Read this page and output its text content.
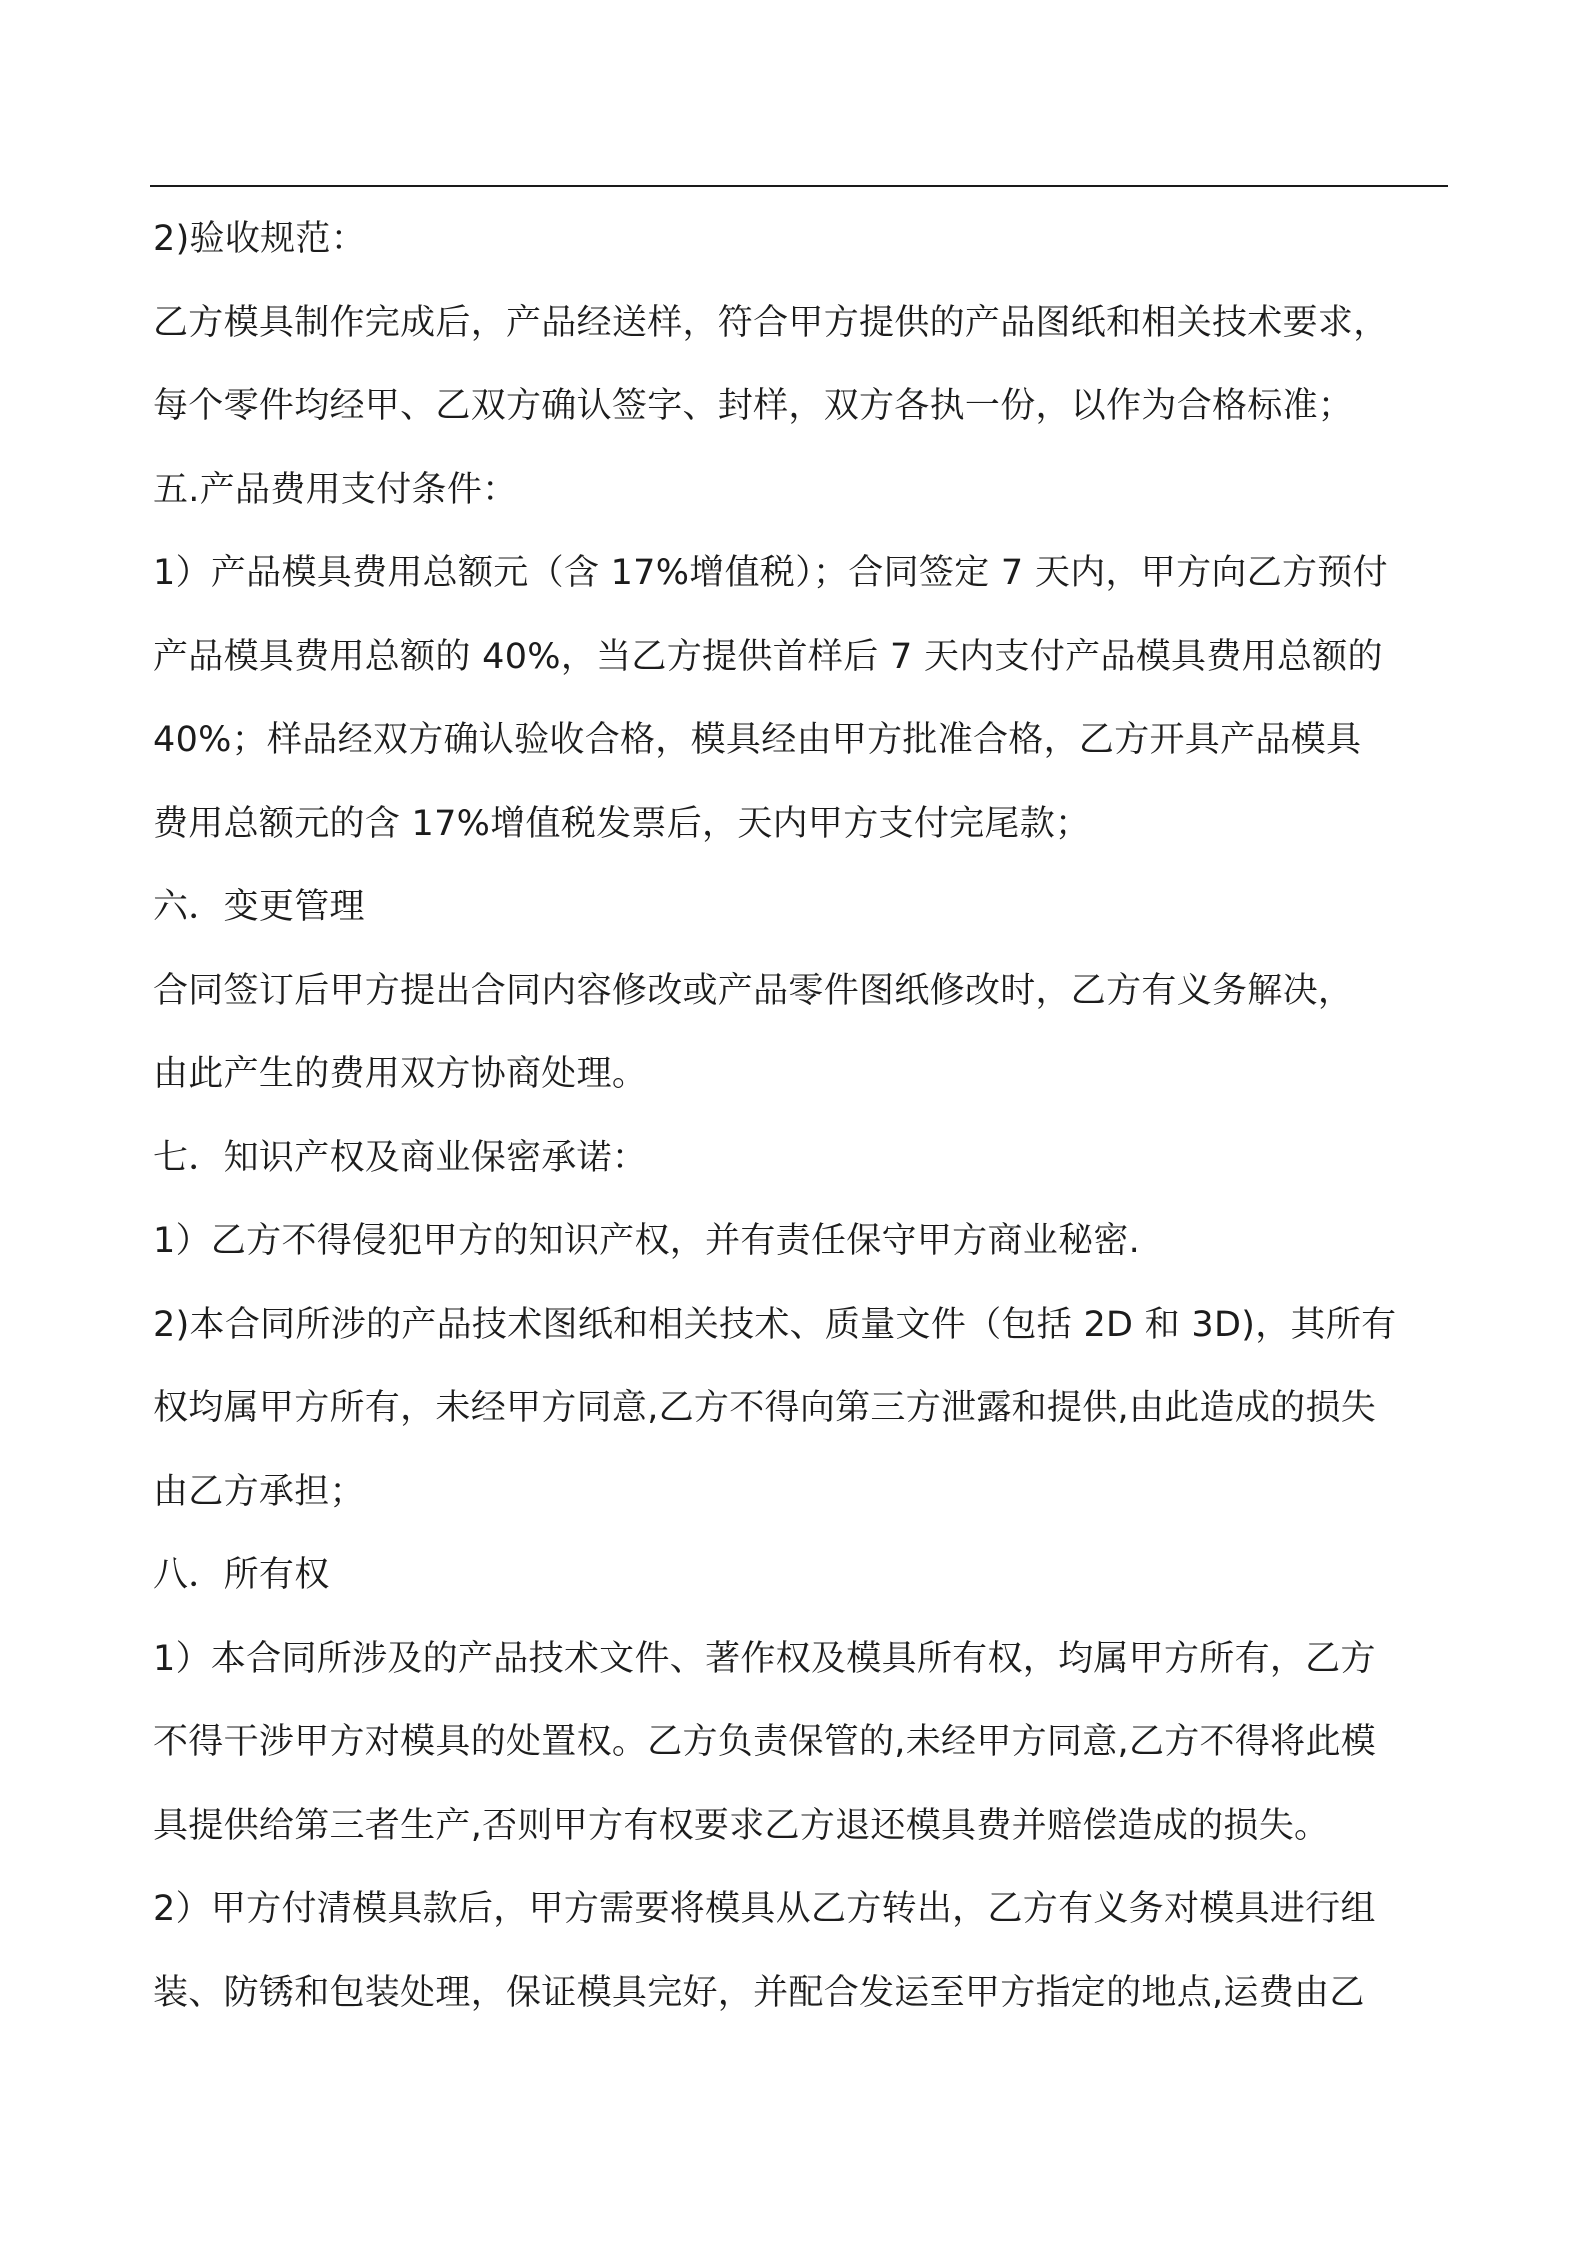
2)验收规范：
乙方模具制作完成后，产品经送样，符合甲方提供的产品图纸和相关技术要求，
每个零件均经甲、乙双方确认签字、封样，双方各执一份，以作为合格标准；
五.产品费用支付条件：
1）产品模具费用总额元（含 17%增值税）；合同签定 7 天内，甲方向乙方预付
产品模具费用总额的 40%，当乙方提供首样后 7 天内支付产品模具费用总额的
40%；样品经双方确认验收合格，模具经由甲方批准合格，乙方开具产品模具
费用总额元的含 17%增值税发票后，天内甲方支付完尾款；
六．变更管理
合同签订后甲方提出合同内容修改或产品零件图纸修改时，乙方有义务解决，
由此产生的费用双方协商处理。
七．知识产权及商业保密承诺：
1）乙方不得侵犯甲方的知识产权，并有责任保守甲方商业秘密.
2)本合同所涉的产品技术图纸和相关技术、质量文件（包括 2D 和 3D)，其所有
权均属甲方所有，未经甲方同意,乙方不得向第三方泄露和提供,由此造成的损失
由乙方承担；
八．所有权
1）本合同所涉及的产品技术文件、著作权及模具所有权，均属甲方所有，乙方
不得干涉甲方对模具的处置权。乙方负责保管的,未经甲方同意,乙方不得将此模
具提供给第三者生产,否则甲方有权要求乙方退还模具费并赔偿造成的损失。
2）甲方付清模具款后，甲方需要将模具从乙方转出，乙方有义务对模具进行组
装、防锈和包装处理，保证模具完好，并配合发运至甲方指定的地点,运费由乙
